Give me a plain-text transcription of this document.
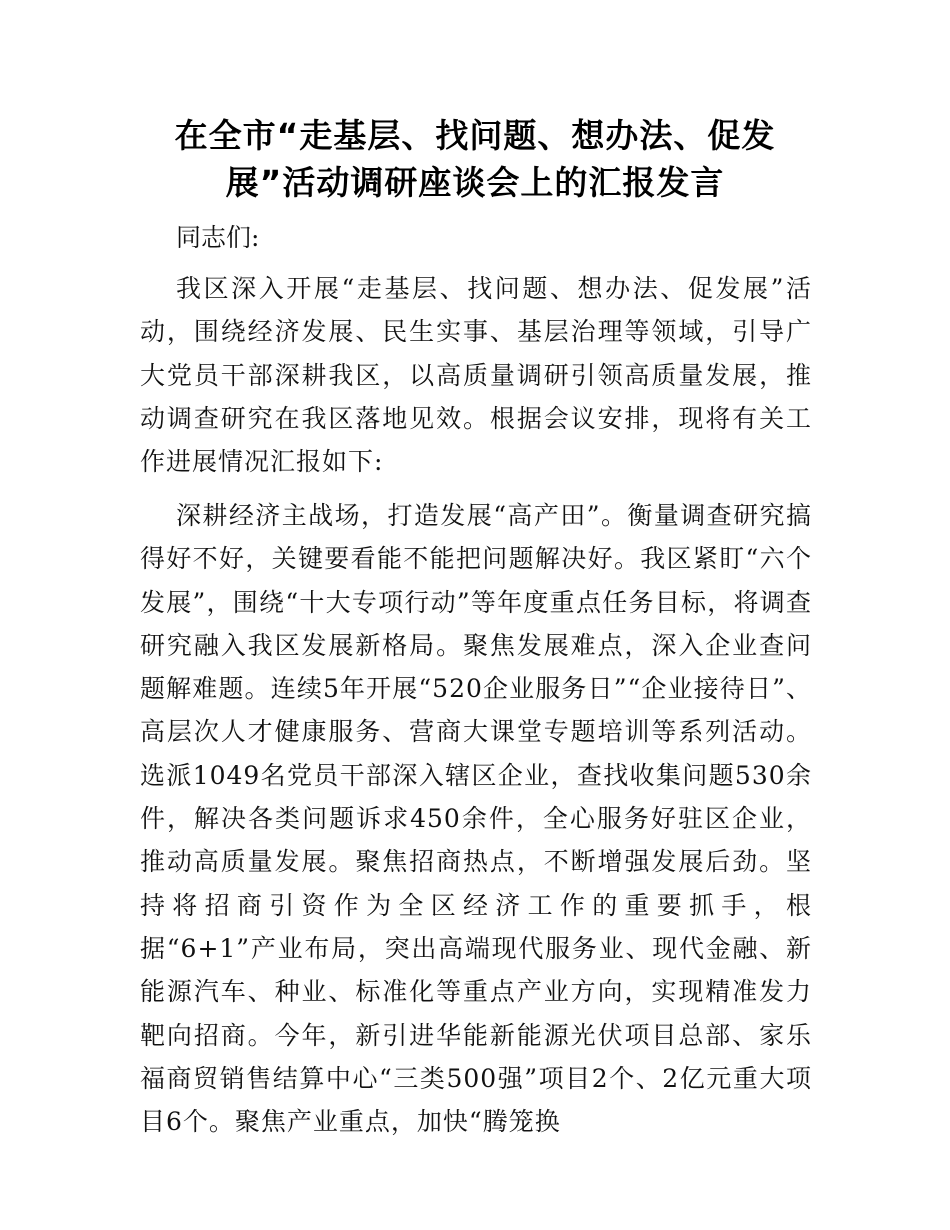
在全市“走基层、找问题、想办法、促发展”活动调研座谈会上的汇报发言

同志们:

我区深入开展“走基层、找问题、想办法、促发展”活动，围绕经济发展、民生实事、基层治理等领域，引导广大党员干部深耕我区，以高质量调研引领高质量发展，推动调查研究在我区落地见效。根据会议安排，现将有关工作进展情况汇报如下:

深耕经济主战场，打造发展“高产田”。衡量调查研究搞得好不好，关键要看能不能把问题解决好。我区紧盯“六个发展”，围绕“十大专项行动”等年度重点任务目标，将调查研究融入我区发展新格局。聚焦发展难点，深入企业查问题解难题。连续5年开展“520企业服务日”“企业接待日”、高层次人才健康服务、营商大课堂专题培训等系列活动。选派1049名党员干部深入辖区企业，查找收集问题530余件，解决各类问题诉求450余件，全心服务好驻区企业，推动高质量发展。聚焦招商热点，不断增强发展后劲。坚持将招商引资作为全区经济工作的重要抓手，根据“6+1”产业布局，突出高端现代服务业、现代金融、新能源汽车、种业、标准化等重点产业方向，实现精准发力靶向招商。今年，新引进华能新能源光伏项目总部、家乐福商贸销售结算中心“三类500强”项目2个、2亿元重大项目6个。聚焦产业重点，加快“腾笼换
